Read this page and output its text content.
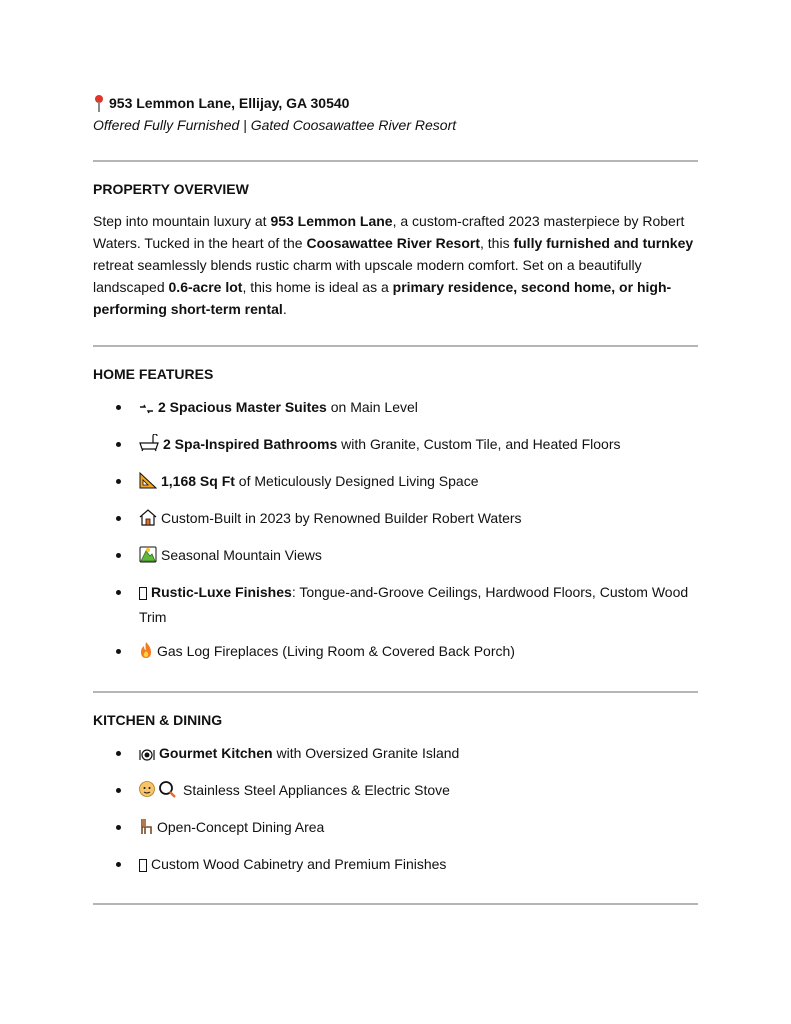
953 Lemmon Lane, Ellijay, GA 30540
Offered Fully Furnished | Gated Coosawattee River Resort
PROPERTY OVERVIEW
Step into mountain luxury at 953 Lemmon Lane, a custom-crafted 2023 masterpiece by Robert Waters. Tucked in the heart of the Coosawattee River Resort, this fully furnished and turnkey retreat seamlessly blends rustic charm with upscale modern comfort. Set on a beautifully landscaped 0.6-acre lot, this home is ideal as a primary residence, second home, or high-performing short-term rental.
HOME FEATURES
2 Spacious Master Suites on Main Level
2 Spa-Inspired Bathrooms with Granite, Custom Tile, and Heated Floors
1,168 Sq Ft of Meticulously Designed Living Space
Custom-Built in 2023 by Renowned Builder Robert Waters
Seasonal Mountain Views
Rustic-Luxe Finishes: Tongue-and-Groove Ceilings, Hardwood Floors, Custom Wood Trim
Gas Log Fireplaces (Living Room & Covered Back Porch)
KITCHEN & DINING
Gourmet Kitchen with Oversized Granite Island
Stainless Steel Appliances & Electric Stove
Open-Concept Dining Area
Custom Wood Cabinetry and Premium Finishes
